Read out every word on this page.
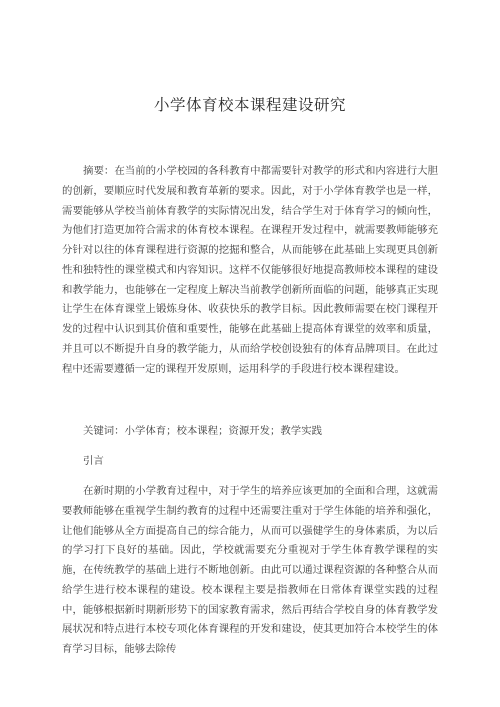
小学体育校本课程建设研究

摘要：在当前的小学校园的各科教育中都需要针对教学的形式和内容进行大胆的创新，要顺应时代发展和教育革新的要求。因此，对于小学体育教学也是一样，需要能够从学校当前体育教学的实际情况出发，结合学生对于体育学习的倾向性，为他们打造更加符合需求的体育校本课程。在课程开发过程中，就需要教师能够充分针对以往的体育课程进行资源的挖掘和整合，从而能够在此基础上实现更具创新性和独特性的课堂模式和内容知识。这样不仅能够很好地提高教师校本课程的建设和教学能力，也能够在一定程度上解决当前教学创新所面临的问题，能够真正实现让学生在体育课堂上锻炼身体、收获快乐的教学目标。因此教师需要在校门课程开发的过程中认识到其价值和重要性，能够在此基础上提高体育课堂的效率和质量，并且可以不断提升自身的教学能力，从而给学校创设独有的体育品牌项目。在此过程中还需要遵循一定的课程开发原则，运用科学的手段进行校本课程建设。

关键词：小学体育；校本课程；资源开发；教学实践

引言

在新时期的小学教育过程中，对于学生的培养应该更加的全面和合理，这就需要教师能够在重视学生制约教育的过程中还需要注重对于学生体能的培养和强化，让他们能够从全方面提高自己的综合能力，从而可以强健学生的身体素质，为以后的学习打下良好的基础。因此，学校就需要充分重视对于学生体育教学课程的实施，在传统教学的基础上进行不断地创新。由此可以通过课程资源的各种整合从而给学生进行校本课程的建设。校本课程主要是指教师在日常体育课堂实践的过程中，能够根据新时期新形势下的国家教育需求，然后再结合学校自身的体育教学发展状况和特点进行本校专项化体育课程的开发和建设，使其更加符合本校学生的体育学习目标，能够去除传
